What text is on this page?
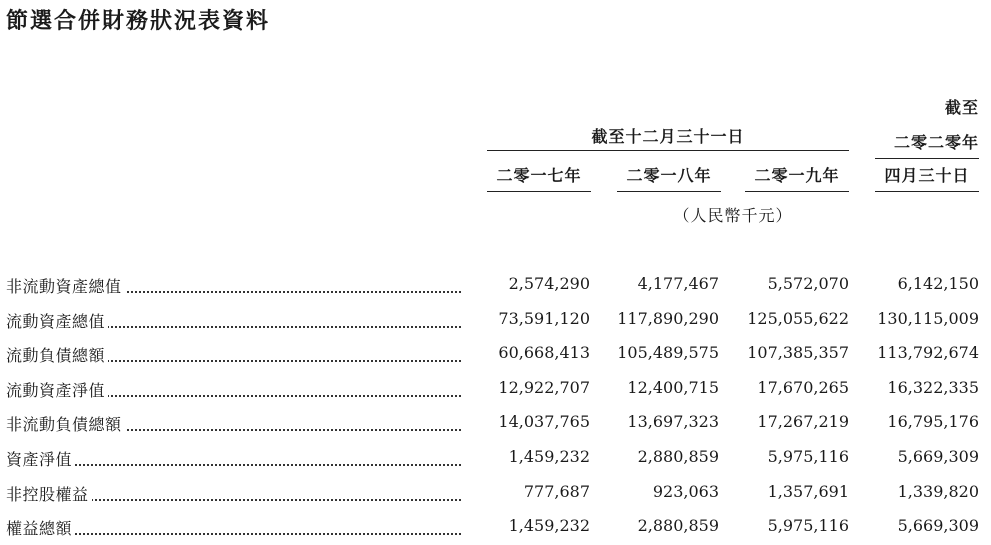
節選合併財務狀況表資料
截至
截至十二月三十一日	二零二零年
二零一七年	二零一八年	二零一九年	四月三十日
（人民幣千元）
非流動資產總值	2,574,290	4,177,467	5,572,070	6,142,150
流動資產總值	73,591,120	117,890,290	125,055,622	130,115,009
流動負債總額	60,668,413	105,489,575	107,385,357	113,792,674
流動資產淨值	12,922,707	12,400,715	17,670,265	16,322,335
非流動負債總額	14,037,765	13,697,323	17,267,219	16,795,176
資產淨值	1,459,232	2,880,859	5,975,116	5,669,309
非控股權益	777,687	923,063	1,357,691	1,339,820
權益總額	1,459,232	2,880,859	5,975,116	5,669,309
